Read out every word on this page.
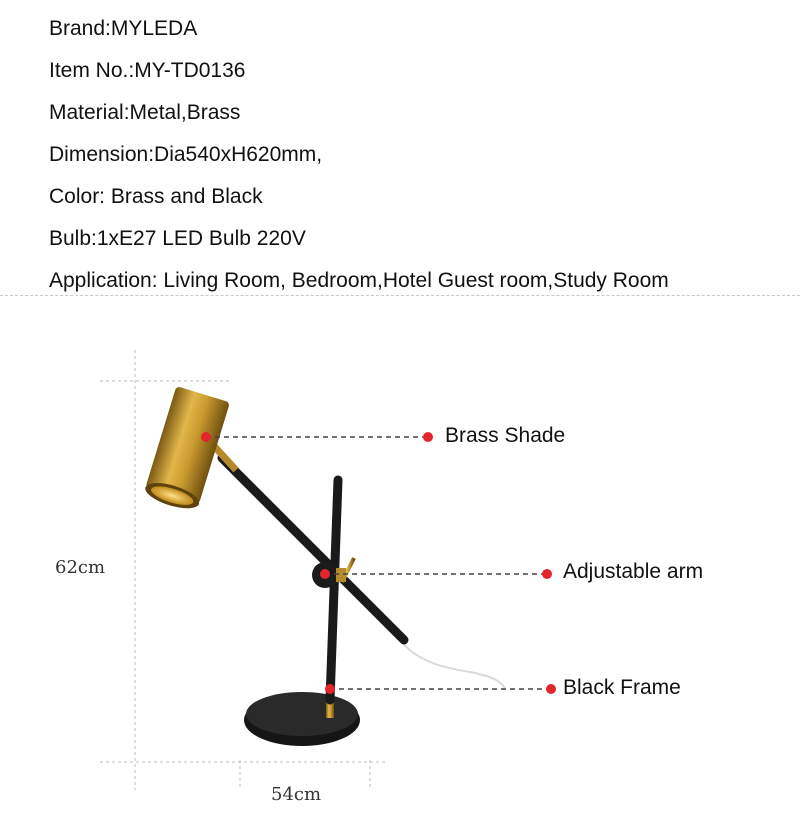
Brand:MYLEDA
Item No.:MY-TD0136
Material:Metal,Brass
Dimension:Dia540xH620mm,
Color: Brass and Black
Bulb:1xE27 LED Bulb 220V
Application: Living Room, Bedroom,Hotel Guest room,Study Room
Brass Shade
Adjustable arm
Black Frame
62cm
54cm
